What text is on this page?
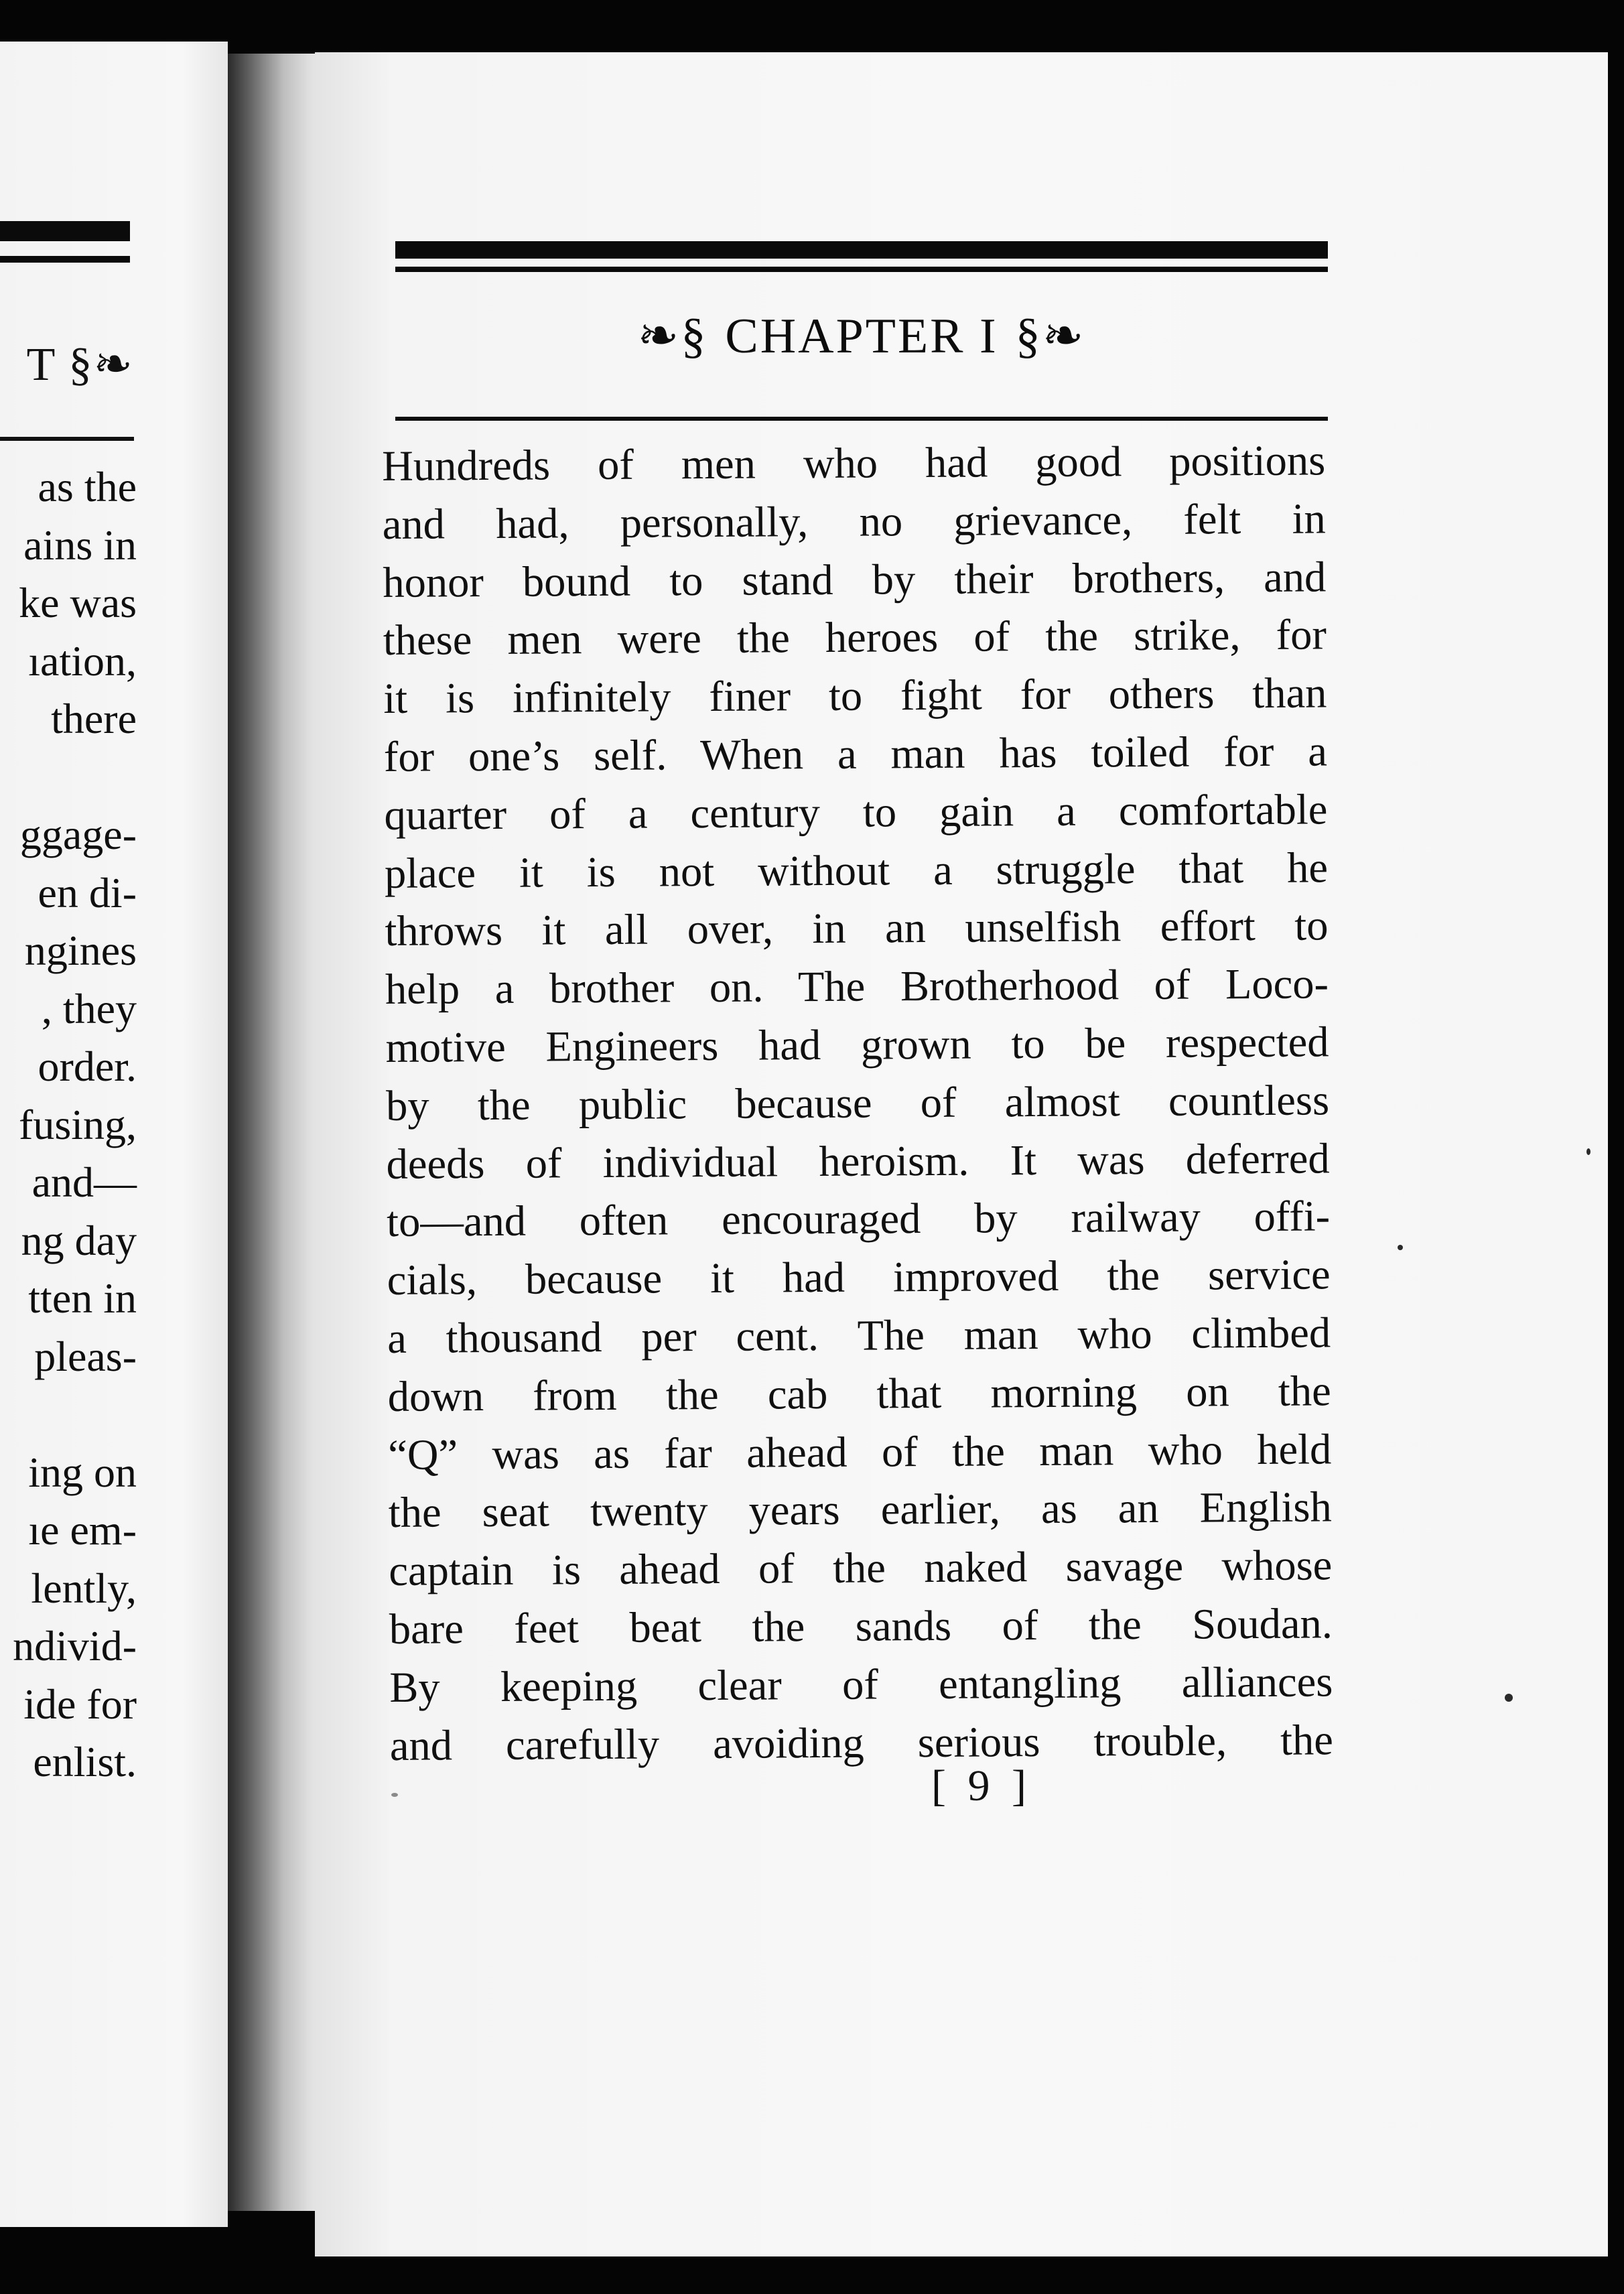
T §❧
as the
ains in
ke was
ıation,
there

ggage-
en di-
ngines
, they
order.
fusing,
and—
ng day
tten in
pleas-

ing on
ıe em-
lently,
ndivid-
ide for
enlist.
❧§ CHAPTER I §❧
Hundreds of men who had good positions
and had, personally, no grievance, felt in
honor bound to stand by their brothers, and
these men were the heroes of the strike, for
it is infinitely finer to fight for others than
for one’s self. When a man has toiled for a
quarter of a century to gain a comfortable
place it is not without a struggle that he
throws it all over, in an unselfish effort to
help a brother on. The Brotherhood of Loco-
motive Engineers had grown to be respected
by the public because of almost countless
deeds of individual heroism. It was deferred
to—and often encouraged by railway offi-
cials, because it had improved the service
a thousand per cent. The man who climbed
down from the cab that morning on the
“Q” was as far ahead of the man who held
the seat twenty years earlier, as an English
captain is ahead of the naked savage whose
bare feet beat the sands of the Soudan.
By keeping clear of entangling alliances
and carefully avoiding serious trouble, the
[ 9 ]
